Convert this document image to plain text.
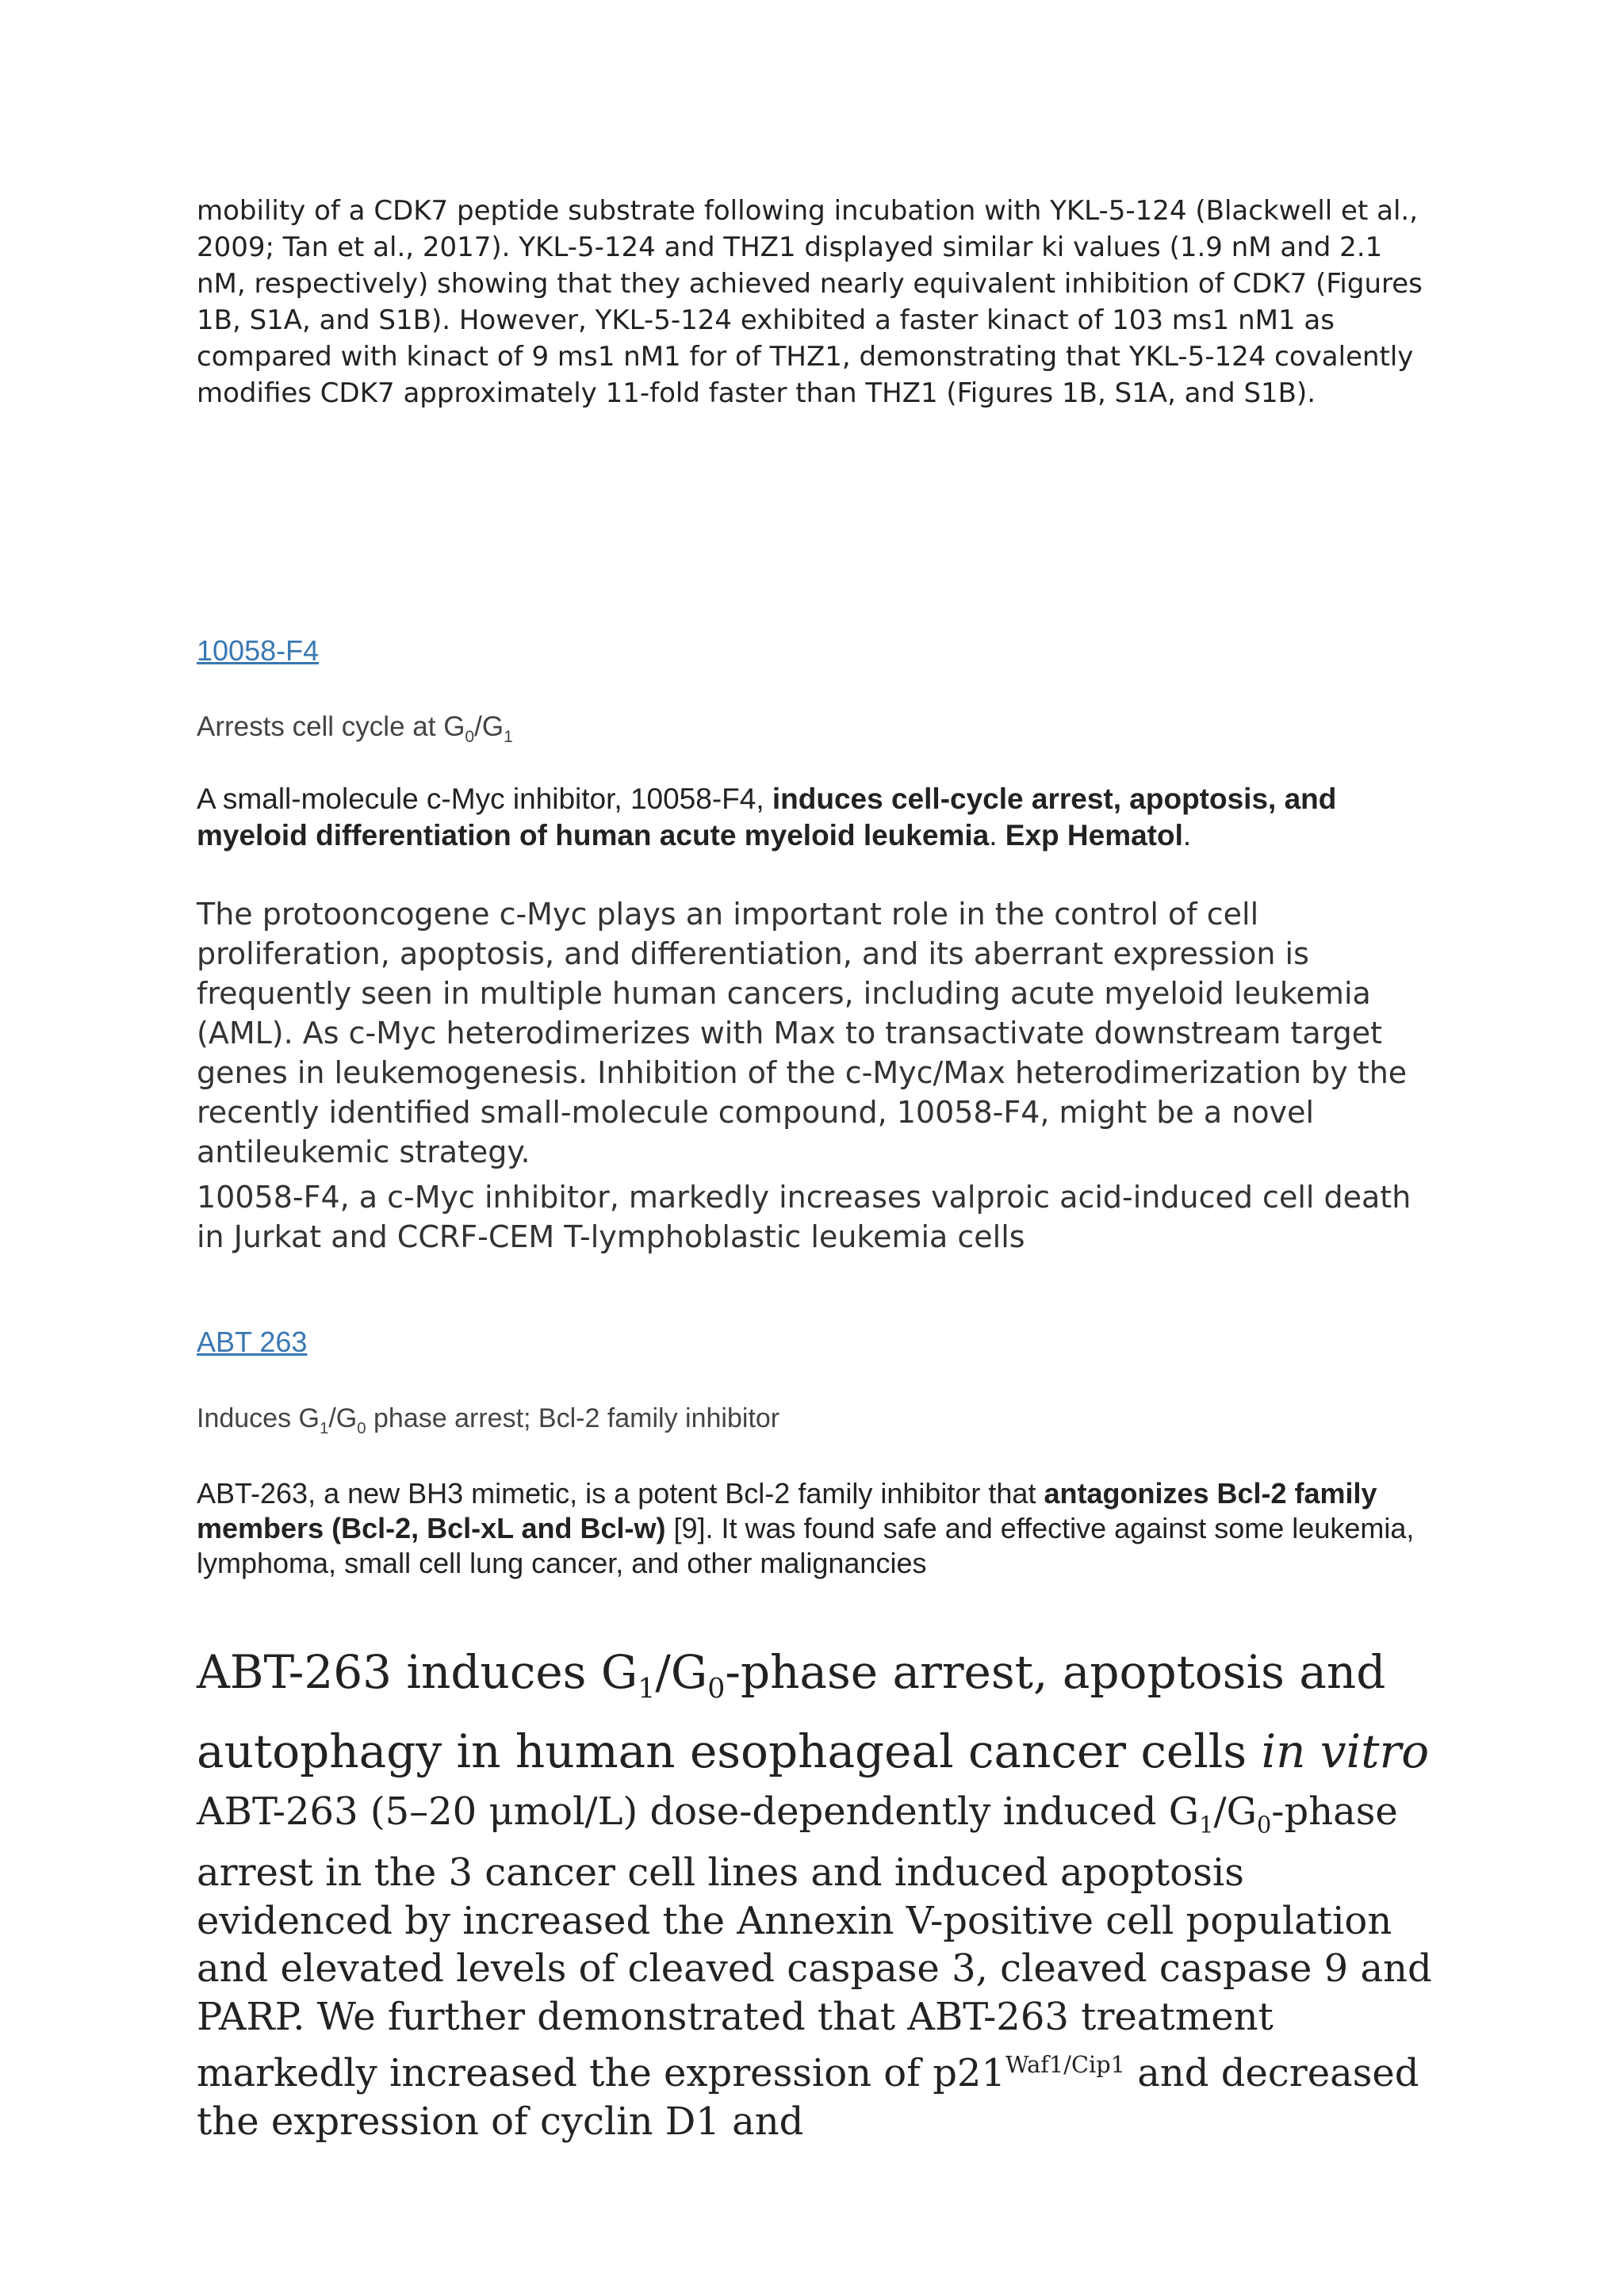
mobility of a CDK7 peptide substrate following incubation with YKL-5-124 (Blackwell et al., 2009; Tan et al., 2017). YKL-5-124 and THZ1 displayed similar ki values (1.9 nM and 2.1 nM, respectively) showing that they achieved nearly equivalent inhibition of CDK7 (Figures 1B, S1A, and S1B). However, YKL-5-124 exhibited a faster kinact of 103 ms1 nM1 as compared with kinact of 9 ms1 nM1 for of THZ1, demonstrating that YKL-5-124 covalently modifies CDK7 approximately 11-fold faster than THZ1 (Figures 1B, S1A, and S1B).

10058-F4

Arrests cell cycle at $G_0/G_1$

A small-molecule c-Myc inhibitor, 10058-F4, induces cell-cycle arrest, apoptosis, and myeloid differentiation of human acute myeloid leukemia. Exp Hematol.

The protooncogene c-Myc plays an important role in the control of cell proliferation, apoptosis, and differentiation, and its aberrant expression is frequently seen in multiple human cancers, including acute myeloid leukemia (AML). As c-Myc heterodimerizes with Max to transactivate downstream target genes in leukemogenesis. Inhibition of the c-Myc/Max heterodimerization by the recently identified small-molecule compound, 10058-F4, might be a novel antileukemic strategy.

10058-F4, a c-Myc inhibitor, markedly increases valproic acid-induced cell death in Jurkat and CCRF-CEM T-lymphoblastic leukemia cells

ABT 263

Induces $G_1/G_0$ phase arrest; Bcl-2 family inhibitor

ABT-263, a new BH3 mimetic, is a potent Bcl-2 family inhibitor that antagonizes Bcl-2 family members (Bcl-2, Bcl-xL and Bcl-w) [9]. It was found safe and effective against some leukemia, lymphoma, small cell lung cancer, and other malignancies

ABT-263 induces $G_1/G_0$-phase arrest, apoptosis and autophagy in human esophageal cancer cells in vitro

ABT-263 (5–20 μmol/L) dose-dependently induced $G_1/G_0$-phase arrest in the 3 cancer cell lines and induced apoptosis evidenced by increased the Annexin V-positive cell population and elevated levels of cleaved caspase 3, cleaved caspase 9 and PARP. We further demonstrated that ABT-263 treatment markedly increased the expression of $p21^{Waf1/Cip1}$ and decreased the expression of cyclin D1 and
